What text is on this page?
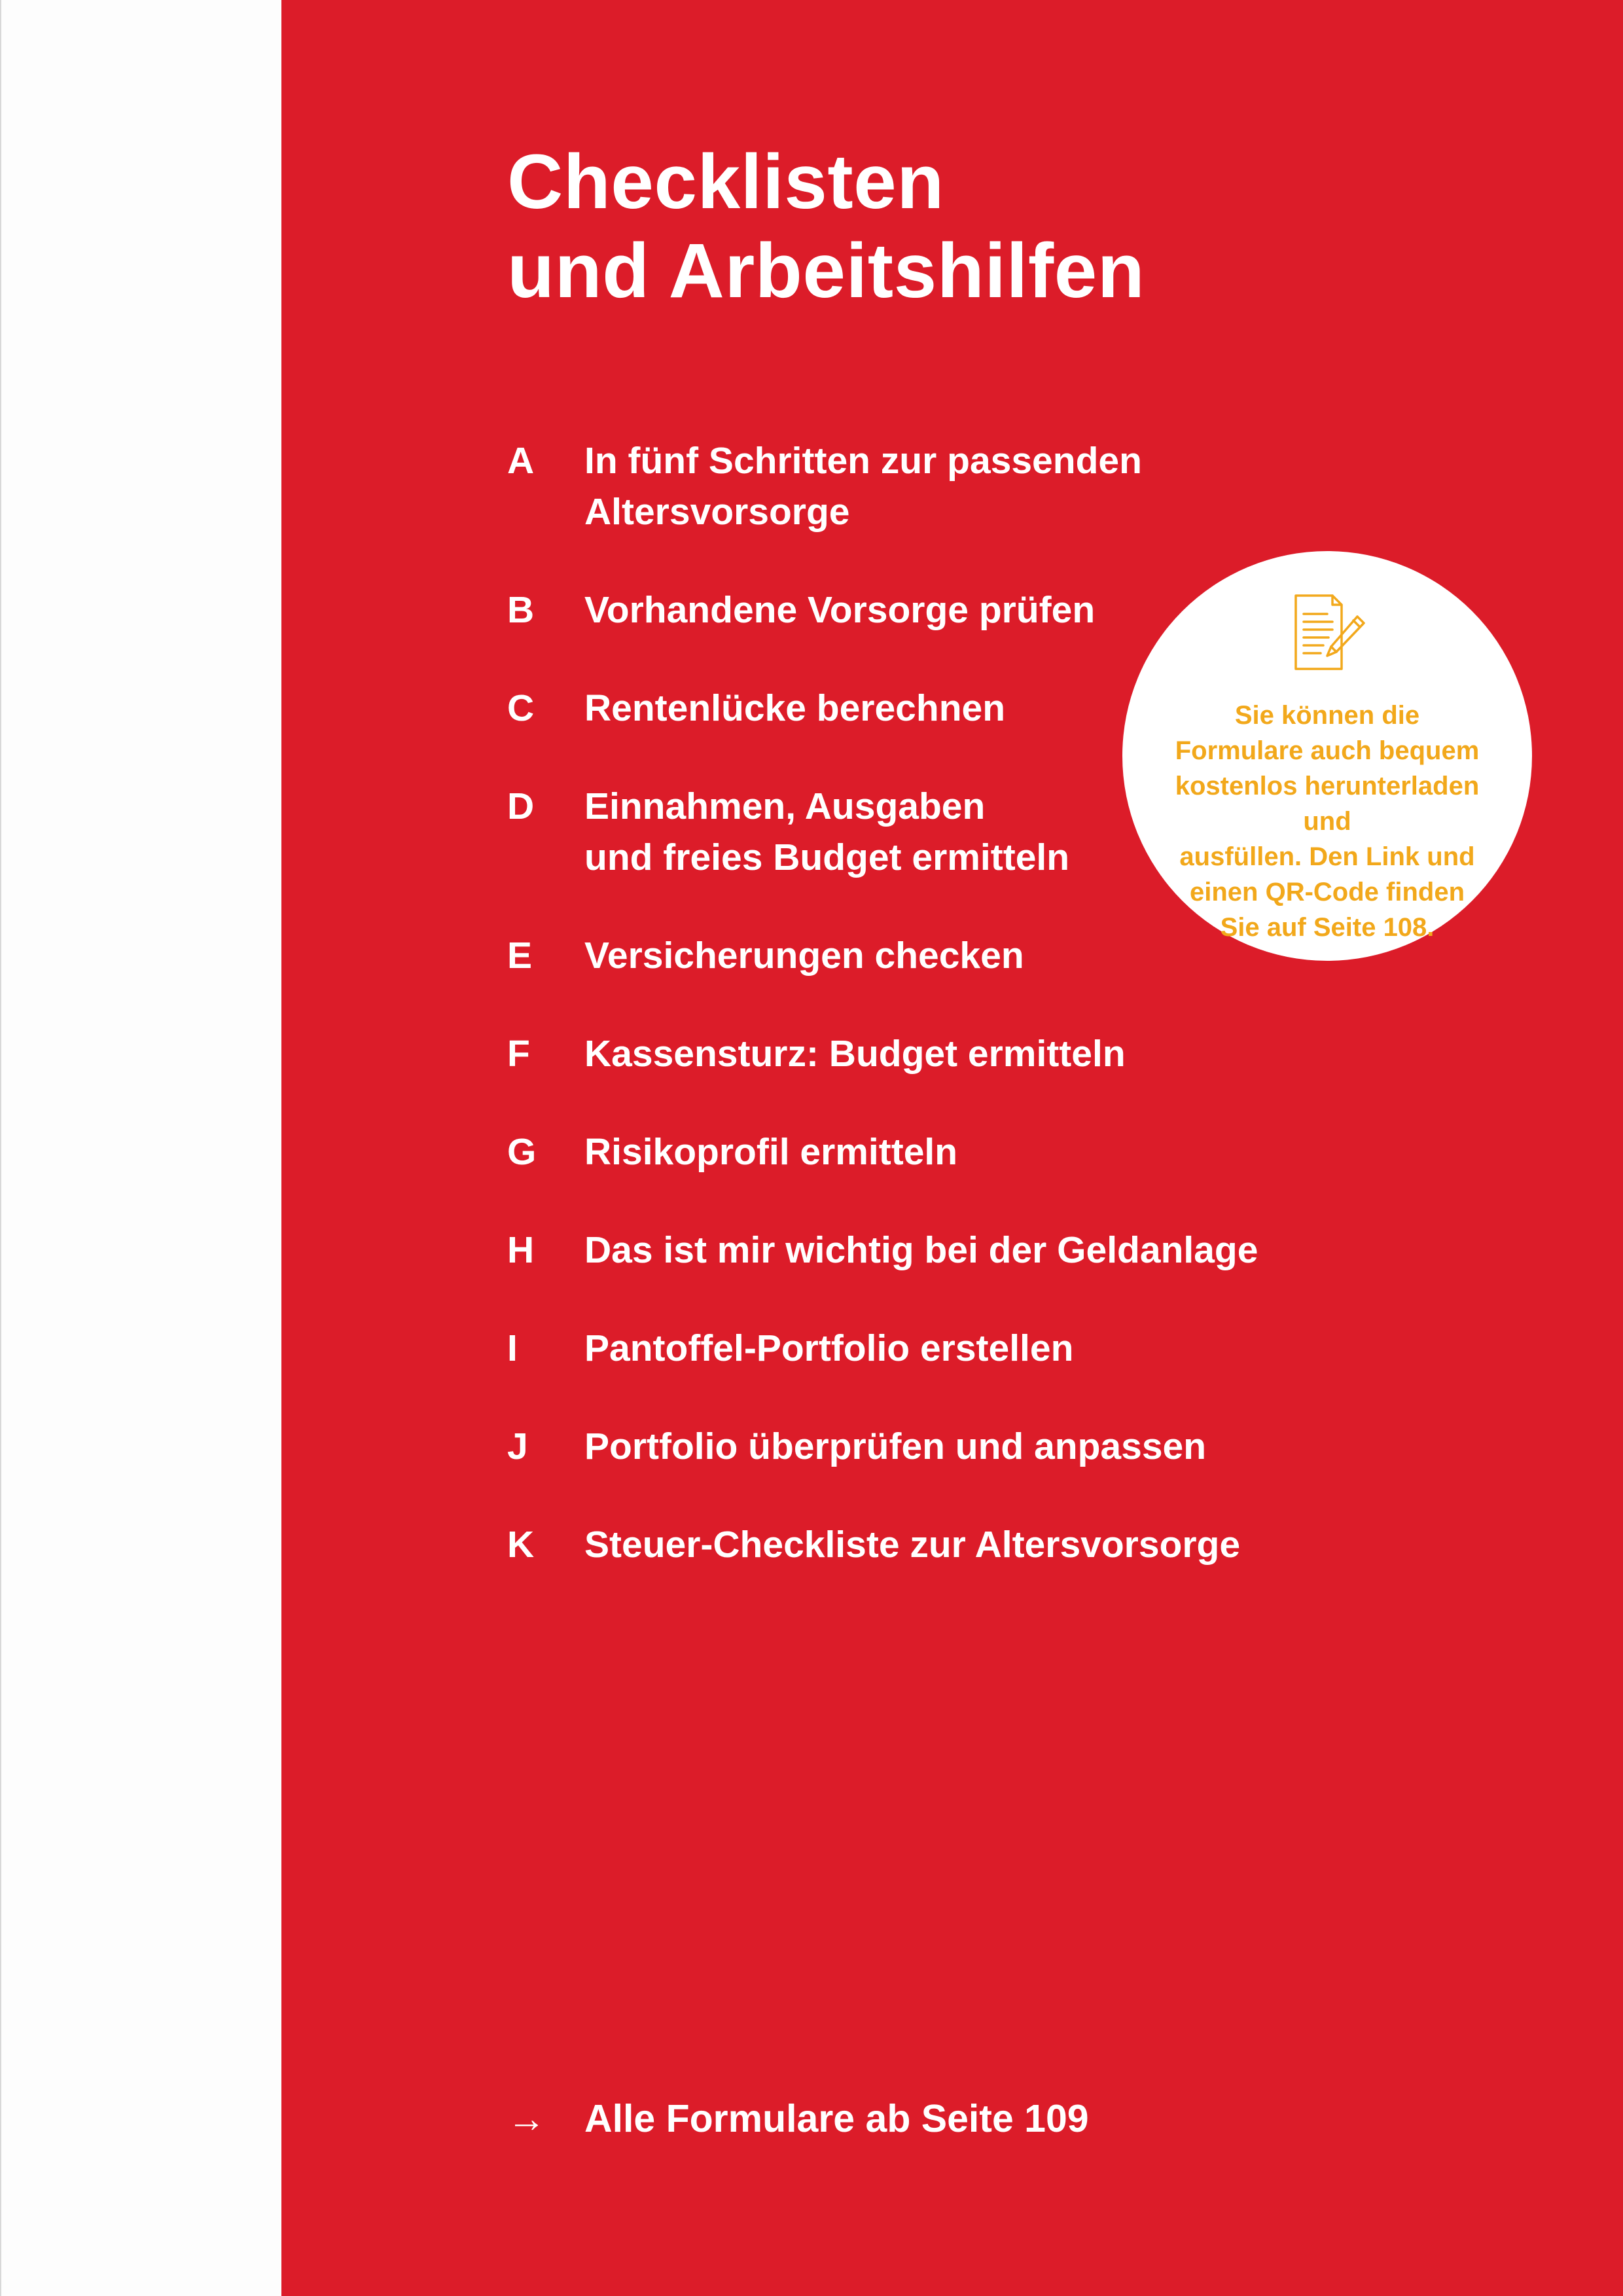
Checklisten
und Arbeitshilfen
A	In fünf Schritten zur passenden
Altersvorsorge
B	Vorhandene Vorsorge prüfen
C	Rentenlücke berechnen
D	Einnahmen, Ausgaben
und freies Budget ermitteln
E	Versicherungen checken
F	Kassensturz: Budget ermitteln
G	Risikoprofil ermitteln
H	Das ist mir wichtig bei der Geldanlage
I	Pantoffel-Portfolio erstellen
J	Portfolio überprüfen und anpassen
K	Steuer-Checkliste zur Altersvorsorge
Sie können die
Formulare auch bequem
kostenlos herunterladen und
ausfüllen. Den Link und
einen QR-Code finden
Sie auf Seite 108.
→ Alle Formulare ab Seite 109
